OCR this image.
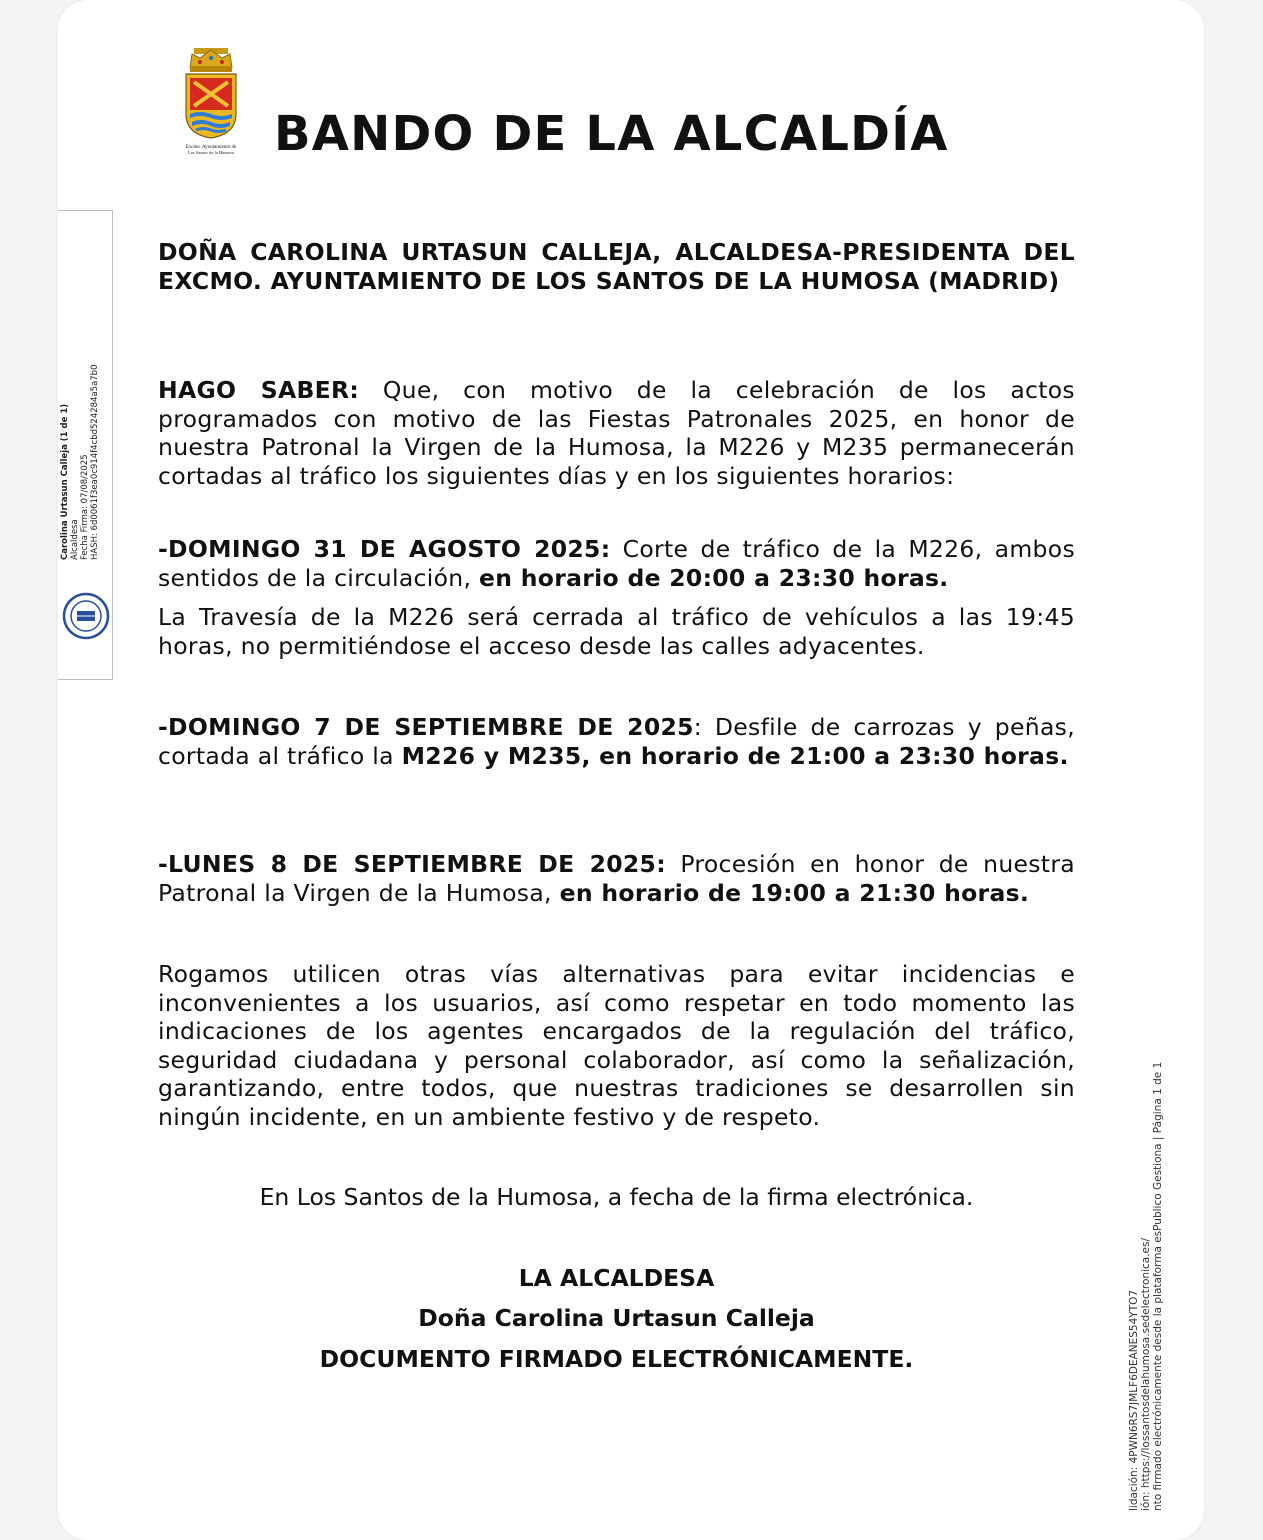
Excmo. Ayuntamiento de
Los Santos de la Humosa BANDO DE LA ALCALDÍA
Carolina Urtasun Calleja (1 de 1) Alcaldesa Fecha Firma: 07/08/2025 HASH: 6d0061f3ea0c914f4cbd524284a5a7b0
lidación: 4PWN6RS7JMLF6DEANES54YTO7 ión: https://lossantosdelahumosa.sedelectronica.es/ nto firmado electrónicamente desde la plataforma esPublico Gestiona | Página 1 de 1
DOÑA CAROLINA URTASUN CALLEJA, ALCALDESA-PRESIDENTA DEL EXCMO. AYUNTAMIENTO DE LOS SANTOS DE LA HUMOSA (MADRID)
HAGO SABER: Que, con motivo de la celebración de los actos programados con motivo de las Fiestas Patronales 2025, en honor de nuestra Patronal la Virgen de la Humosa, la M226 y M235 permanecerán cortadas al tráfico los siguientes días y en los siguientes horarios:
-DOMINGO 31 DE AGOSTO 2025: Corte de tráfico de la M226, ambos sentidos de la circulación, en horario de 20:00 a 23:30 horas.
La Travesía de la M226 será cerrada al tráfico de vehículos a las 19:45 horas, no permitiéndose el acceso desde las calles adyacentes.
-DOMINGO 7 DE SEPTIEMBRE DE 2025: Desfile de carrozas y peñas, cortada al tráfico la M226 y M235, en horario de 21:00 a 23:30 horas.
-LUNES 8 DE SEPTIEMBRE DE 2025: Procesión en honor de nuestra Patronal la Virgen de la Humosa, en horario de 19:00 a 21:30 horas.
Rogamos utilicen otras vías alternativas para evitar incidencias e inconvenientes a los usuarios, así como respetar en todo momento las indicaciones de los agentes encargados de la regulación del tráfico, seguridad ciudadana y personal colaborador, así como la señalización, garantizando, entre todos, que nuestras tradiciones se desarrollen sin ningún incidente, en un ambiente festivo y de respeto.
En Los Santos de la Humosa, a fecha de la firma electrónica.
LA ALCALDESA
Doña Carolina Urtasun Calleja
DOCUMENTO FIRMADO ELECTRÓNICAMENTE.
